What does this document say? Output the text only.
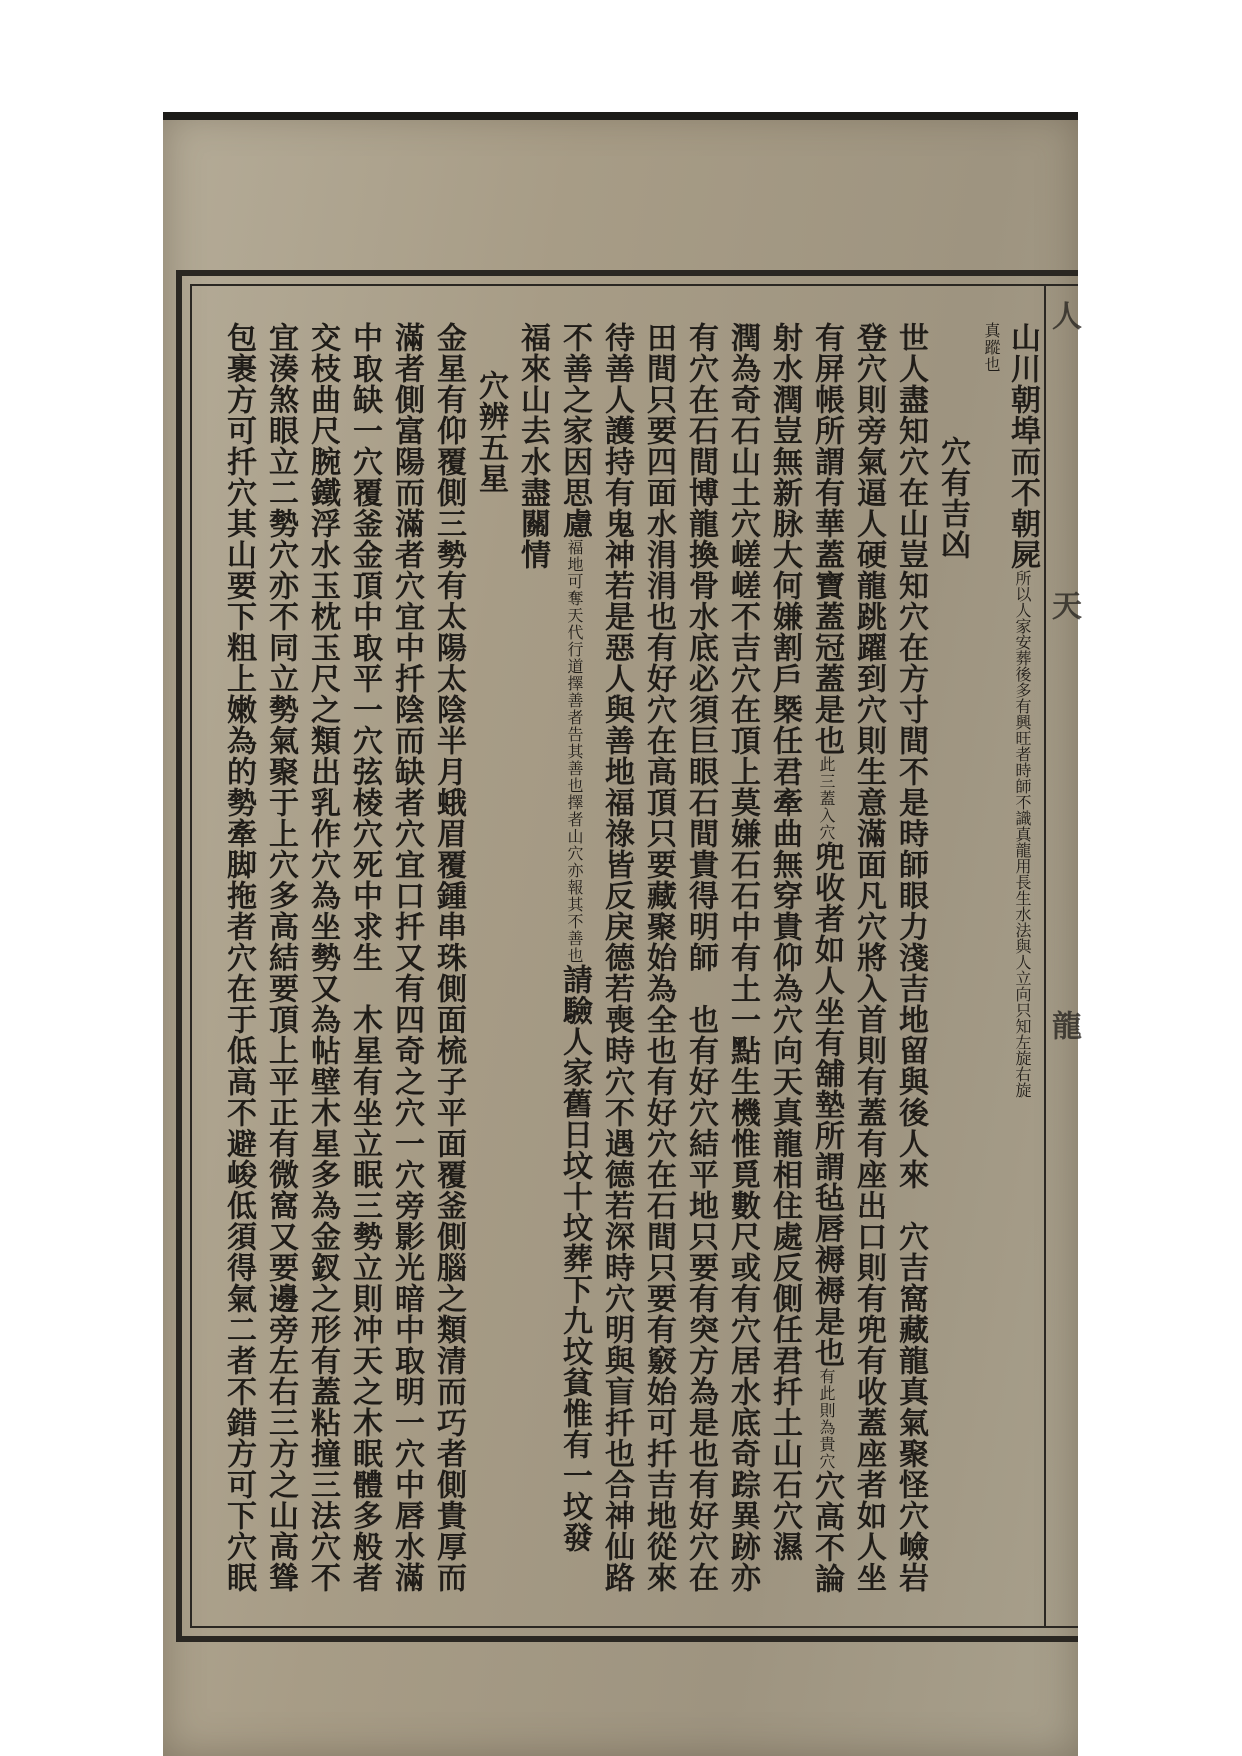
人
天
龍
山川朝埠而不朝屍所以人家安葬後多有興旺者時師不識真龍用長生水法與人立向只知左旋右旋
真蹤也
穴有吉凶
世人盡知穴在山豈知穴在方寸間不是時師眼力淺吉地留與後人來　穴吉窩藏龍真氣聚怪穴嶮岩
登穴則旁氣逼人硬龍跳躍到穴則生意滿面凡穴將入首則有蓋有座出口則有兜有收蓋座者如人坐
有屏帳所謂有華蓋寶蓋冠蓋是也此三蓋入穴兜收者如人坐有舖墊所謂毡唇褥褥是也有此則為貴穴穴高不論
射水潤豈無新脉大何嫌割戶槩任君牽曲無穿貴仰為穴向天真龍相住處反側任君扦土山石穴濕
潤為奇石山土穴嵯嵯不吉穴在頂上莫嫌石石中有土一點生機惟覓數尺或有穴居水底奇踪異跡亦
有穴在石間博龍換骨水底必須巨眼石間貴得明師　也有好穴結平地只要有突方為是也有好穴在
田間只要四面水涓涓也有好穴在高頂只要藏聚始為全也有好穴在石間只要有竅始可扦吉地從來
待善人護持有鬼神若是惡人與善地福祿皆反戾德若喪時穴不遇德若深時穴明與盲扦也合神仙路
不善之家因思慮福地可奪天代行道擇善者告其善也擇者山穴亦報其不善也請驗人家舊日坟十坟葬下九坟貧惟有一坟發
福來山去水盡關情
穴辨五星
金星有仰覆側三勢有太陽太陰半月蛾眉覆鍾串珠側面梳子平面覆釜側腦之類清而巧者側貴厚而
滿者側富陽而滿者穴宜中扦陰而缺者穴宜口扦又有四奇之穴一穴旁影光暗中取明一穴中唇水滿
中取缺一穴覆釜金頂中取平一穴弦棱穴死中求生　木星有坐立眠三勢立則冲天之木眠體多般者
交枝曲尺腕鐵浮水玉枕玉尺之類出乳作穴為坐勢又為帖壁木星多為金釵之形有蓋粘撞三法穴不
宜湊煞眼立二勢穴亦不同立勢氣聚于上穴多高結要頂上平正有微窩又要邊旁左右三方之山高聳
包裹方可扦穴其山要下粗上嫩為的勢牽脚拖者穴在于低高不避峻低須得氣二者不錯方可下穴眠
